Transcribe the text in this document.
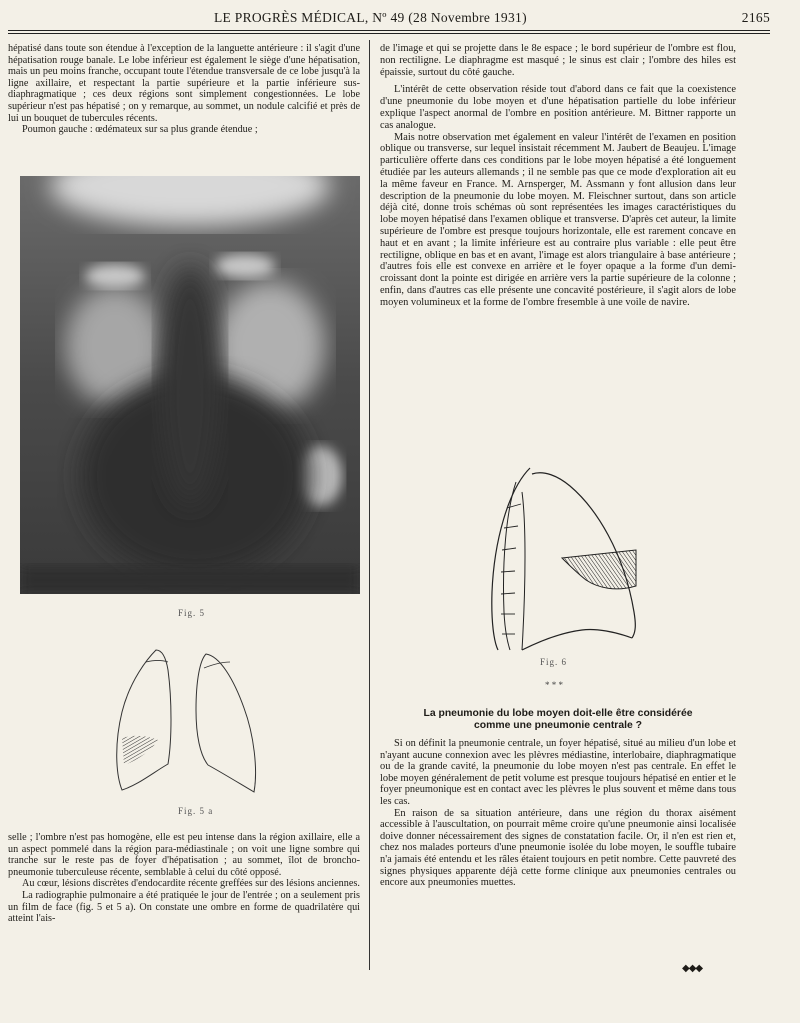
LE PROGRÈS MÉDICAL, Nº 49 (28 Novembre 1931)	2165

hépatisé dans toute son étendue à l'exception de la languette antérieure : il s'agit d'une hépatisation rouge banale. Le lobe inférieur est également le siège d'une hépatisation, mais un peu moins franche, occupant toute l'étendue transversale de ce lobe jusqu'à la ligne axillaire, et respectant la partie supérieure et la partie inférieure sus-diaphragmatique ; ces deux régions sont simplement congestionnées. Le lobe supérieur n'est pas hépatisé ; on y remarque, au sommet, un nodule calcifié et près de lui un bouquet de tubercules récents.

Poumon gauche : œdémateux sur sa plus grande étendue ;

Fig. 5
Fig. 5 a

selle ; l'ombre n'est pas homogène, elle est peu intense dans la région axillaire, elle a un aspect pommelé dans la région para-médiastinale ; on voit une ligne sombre qui tranche sur le reste pas de foyer d'hépatisation ; au sommet, îlot de broncho-pneumonie tuberculeuse récente, semblable à celui du côté opposé.

Au cœur, lésions discrètes d'endocardite récente greffées sur des lésions anciennes.

La radiographie pulmonaire a été pratiquée le jour de l'entrée ; on a seulement pris un film de face (fig. 5 et 5 a). On constate une ombre en forme de quadrilatère qui atteint l'ais-

de l'image et qui se projette dans le 8e espace ; le bord supérieur de l'ombre est flou, non rectiligne. Le diaphragme est masqué ; le sinus est clair ; l'ombre des hiles est épaissie, surtout du côté gauche.

L'intérêt de cette observation réside tout d'abord dans ce fait que la coexistence d'une pneumonie du lobe moyen et d'une hépatisation partielle du lobe inférieur explique l'aspect anormal de l'ombre en position antérieure. M. Bittner rapporte un cas analogue.

Mais notre observation met également en valeur l'intérêt de l'examen en position oblique ou transverse, sur lequel insistait récemment M. Jaubert de Beaujeu. L'image particulière offerte dans ces conditions par le lobe moyen hépatisé a été longuement étudiée par les auteurs allemands ; il ne semble pas que ce mode d'exploration ait eu la même faveur en France. M. Arnsperger, M. Assmann y font allusion dans leur description de la pneumonie du lobe moyen. M. Fleischner surtout, dans son article déjà cité, donne trois schémas où sont représentées les images caractéristiques du lobe moyen hépatisé dans l'examen oblique et transverse. D'après cet auteur, la limite supérieure de l'ombre est presque toujours horizontale, elle est rarement concave en haut et en avant ; la limite inférieure est au contraire plus variable : elle peut être rectiligne, oblique en bas et en avant, l'image est alors triangulaire à base antérieure ; d'autres fois elle est convexe en arrière et le foyer opaque a la forme d'un demi-croissant dont la pointe est dirigée en arrière vers la partie supérieure de la colonne ; enfin, dans d'autres cas elle présente une concavité postérieure, il s'agit alors de lobe moyen volumineux et la forme de l'ombre fresemble à une voile de navire.

Fig. 6
* * *
La pneumonie du lobe moyen doit-elle être considérée
comme une pneumonie centrale ?

Si on définit la pneumonie centrale, un foyer hépatisé, situé au milieu d'un lobe et n'ayant aucune connexion avec les plèvres médiastine, interlobaire, diaphragmatique ou de la grande cavité, la pneumonie du lobe moyen n'est pas centrale. En effet le lobe moyen généralement de petit volume est presque toujours hépatisé en entier et le foyer pneumonique est en contact avec les plèvres le plus souvent et même dans tous les cas.

En raison de sa situation antérieure, dans une région du thorax aisément accessible à l'auscultation, on pourrait même croire qu'une pneumonie ainsi localisée doive donner nécessairement des signes de constatation facile. Or, il n'en est rien et, chez nos malades porteurs d'une pneumonie isolée du lobe moyen, le souffle tubaire n'a jamais été entendu et les râles étaient toujours en petit nombre. Cette pauvreté des signes physiques apparente déjà cette forme clinique aux pneumonies centrales ou encore aux pneumonies muettes.

◆◆◆
